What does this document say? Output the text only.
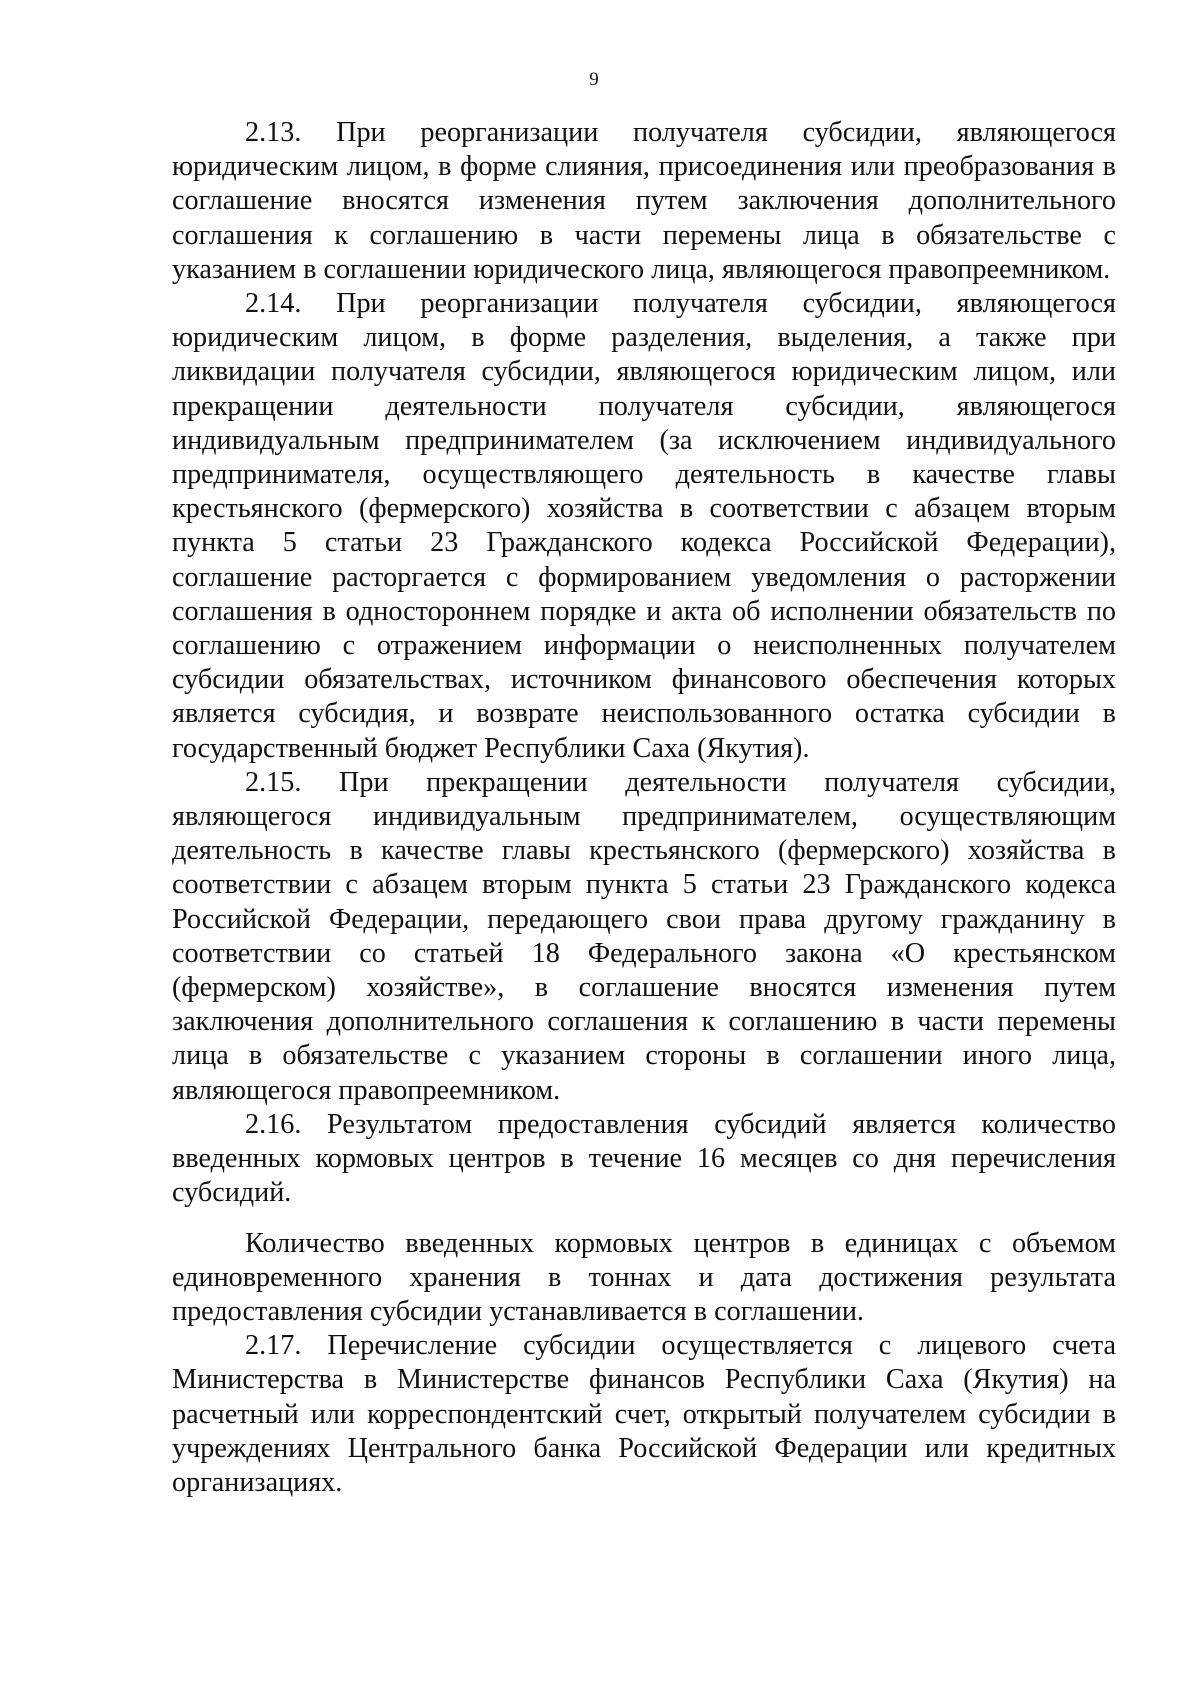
9

2.13. При реорганизации получателя субсидии, являющегося юридическим лицом, в форме слияния, присоединения или преобразования в соглашение вносятся изменения путем заключения дополнительного соглашения к соглашению в части перемены лица в обязательстве с указанием в соглашении юридического лица, являющегося правопреемником.

2.14. При реорганизации получателя субсидии, являющегося юридическим лицом, в форме разделения, выделения, а также при ликвидации получателя субсидии, являющегося юридическим лицом, или прекращении деятельности получателя субсидии, являющегося индивидуальным предпринимателем (за исключением индивидуального предпринимателя, осуществляющего деятельность в качестве главы крестьянского (фермерского) хозяйства в соответствии с абзацем вторым пункта 5 статьи 23 Гражданского кодекса Российской Федерации), соглашение расторгается с формированием уведомления о расторжении соглашения в одностороннем порядке и акта об исполнении обязательств по соглашению с отражением информации о неисполненных получателем субсидии обязательствах, источником финансового обеспечения которых является субсидия, и возврате неиспользованного остатка субсидии в государственный бюджет Республики Саха (Якутия).

2.15. При прекращении деятельности получателя субсидии, являющегося индивидуальным предпринимателем, осуществляющим деятельность в качестве главы крестьянского (фермерского) хозяйства в соответствии с абзацем вторым пункта 5 статьи 23 Гражданского кодекса Российской Федерации, передающего свои права другому гражданину в соответствии со статьей 18 Федерального закона «О крестьянском (фермерском) хозяйстве», в соглашение вносятся изменения путем заключения дополнительного соглашения к соглашению в части перемены лица в обязательстве с указанием стороны в соглашении иного лица, являющегося правопреемником.

2.16. Результатом предоставления субсидий является количество введенных кормовых центров в течение 16 месяцев со дня перечисления субсидий.

Количество введенных кормовых центров в единицах с объемом единовременного хранения в тоннах и дата достижения результата предоставления субсидии устанавливается в соглашении.

2.17. Перечисление субсидии осуществляется с лицевого счета Министерства в Министерстве финансов Республики Саха (Якутия) на расчетный или корреспондентский счет, открытый получателем субсидии в учреждениях Центрального банка Российской Федерации или кредитных организациях.
